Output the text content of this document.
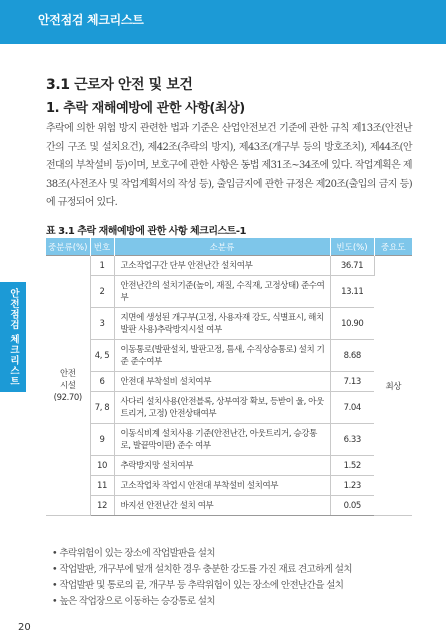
안전점검 체크리스트
안전점검 체크리스트
3.1 근로자 안전 및 보건
1. 추락 재해예방에 관한 사항(최상)
추락에 의한 위험 방지 관련한 법과 기준은 산업안전보건 기준에 관한 규칙 제13조(안전난간의 구조 및 설치요건), 제42조(추락의 방지), 제43조(개구부 등의 방호조치), 제44조(안전대의 부착설비 등)이며, 보호구에 관한 사항은 동법 제31조~34조에 있다. 작업계획은 제38조(사전조사 및 작업계획서의 작성 등), 출입금지에 관한 규정은 제20조(출입의 금지 등)에 규정되어 있다.
표 3.1 추락 재해예방에 관한 사항 체크리스트-1
중분류(%)	번호	소분류	빈도(%)	중요도
안전
시설
(92.70)	1	고소작업구간 단부 안전난간 설치여부	36.71	최상
	2	안전난간의 설치기준(높이, 재질, 수직재, 고정상태) 준수여부	13.11	
	3	지면에 생성된 개구부(고정, 사용자재 강도, 식별표시, 해치발판 사용)추락방지시설 여부	10.90	
	4, 5	이동통로(발판설치, 발판고정, 틈새, 수직상승통로) 설치 기준 준수여부	8.68	
	6	안전대 부착설비 설치여부	7.13	
	7, 8	사다리 설치사용(안전블록, 상부여장 확보, 등받이 울, 아웃트리거, 고정) 안전상태여부	7.04	
	9	이동식비계 설치사용 기준(안전난간, 아웃트리거, 승강통로, 발끝막이판) 준수 여부	6.33	
	10	추락방지망 설치여부	1.52	
	11	고소작업차 작업시 안전대 부착설비 설치여부	1.23	
	12	바지선 안전난간 설치 여부	0.05	
• 추락위험이 있는 장소에 작업발판을 설치
• 작업발판, 개구부에 덮개 설치한 경우 충분한 강도를 가진 재료 견고하게 설치
• 작업발판 및 통로의 끝, 개구부 등 추락위험이 있는 장소에 안전난간을 설치
• 높은 작업장으로 이동하는 승강통로 설치
20
